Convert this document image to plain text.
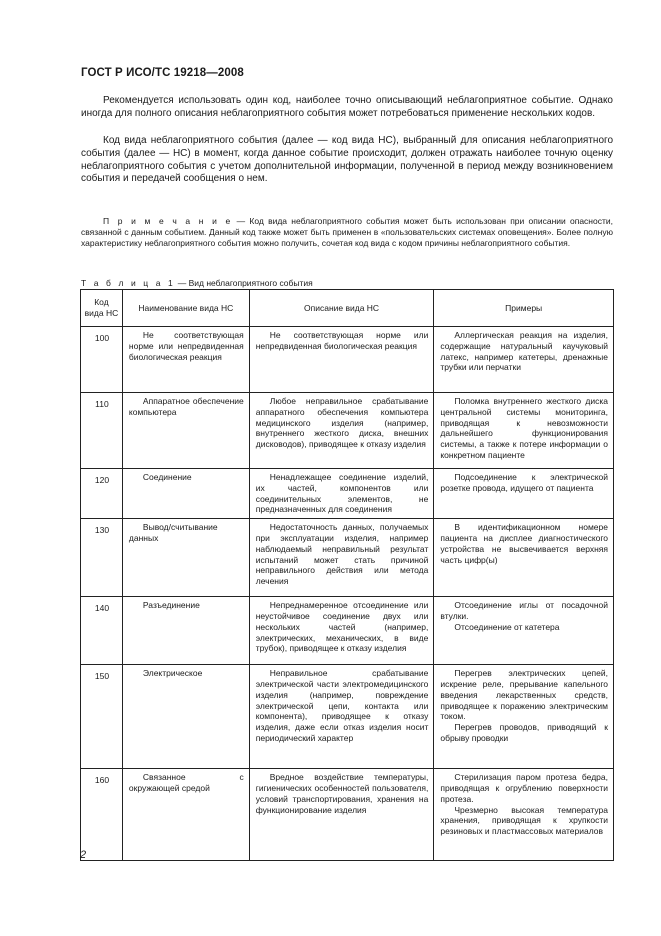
ГОСТ Р ИСО/ТС 19218—2008
Рекомендуется использовать один код, наиболее точно описывающий неблагоприятное событие. Однако иногда для полного описания неблагоприятного события может потребоваться применение нескольких кодов.
Код вида неблагоприятного события (далее — код вида НС), выбранный для описания неблагоприятного события (далее — НС) в момент, когда данное событие происходит, должен отражать наиболее точную оценку неблагоприятного события с учетом дополнительной информации, полученной в период между возникновением события и передачей сообщения о нем.
П р и м е ч а н и е — Код вида неблагоприятного события может быть использован при описании опасности, связанной с данным событием. Данный код также может быть применен в «пользовательских системах оповещения». Более полную характеристику неблагоприятного события можно получить, сочетая код вида с кодом причины неблагоприятного события.
Т а б л и ц а 1 — Вид неблагоприятного события
Код вида НС	Наименование вида НС	Описание вида НС	Примеры
100	Не соответствующая норме или непредвиденная биологическая реакция	Не соответствующая норме или непредвиденная биологическая реакция	Аллергическая реакция на изделия, содержащие натуральный каучуковый латекс, например катетеры, дренажные трубки или перчатки

110	Аппаратное обеспечение компьютера	Любое неправильное срабатывание аппаратного обеспечения компьютера медицинского изделия (например, внутреннего жесткого диска, внешних дисководов), приводящее к отказу изделия	Поломка внутреннего жесткого диска центральной системы мониторинга, приводящая к невозможности дальнейшего функционирования системы, а также к потере информации о конкретном пациенте

120	Соединение	Ненадлежащее соединение изделий, их частей, компонентов или соединительных элементов, не предназначенных для соединения	Подсоединение к электрической розетке провода, идущего от пациента

130	Вывод/считывание данных	Недостаточность данных, получаемых при эксплуатации изделия, например наблюдаемый неправильный результат испытаний может стать причиной неправильного действия или метода лечения	В идентификационном номере пациента на дисплее диагностического устройства не высвечивается верхняя часть цифр(ы)

140	Разъединение	Непреднамеренное отсоединение или неустойчивое соединение двух или нескольких частей (например, электрических, механических, в виде трубок), приводящее к отказу изделия	Отсоединение иглы от посадочной втулки.

Отсоединение от катетера

150	Электрическое	Неправильное срабатывание электрической части электромедицинского изделия (например, повреждение электрической цепи, контакта или компонента), приводящее к отказу изделия, даже если отказ изделия носит периодический характер	Перегрев электрических цепей, искрение реле, прерывание капельного введения лекарственных средств, приводящее к поражению электрическим током.

Перегрев проводов, приводящий к обрыву проводки

160	Связанное с окружающей средой	Вредное воздействие температуры, гигиенических особенностей пользователя, условий транспортирования, хранения на функционирование изделия	Стерилизация паром протеза бедра, приводящая к огрублению поверхности протеза.

Чрезмерно высокая температура хранения, приводящая к хрупкости резиновых и пластмассовых материалов

2
